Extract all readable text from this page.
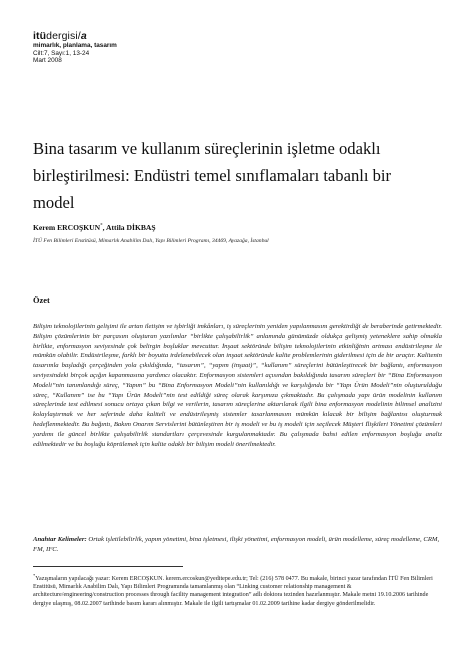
itüdergisi/a
mimarlık, planlama, tasarım
Cilt:7, Sayı:1, 13-24
Mart 2008
Bina tasarım ve kullanım süreçlerinin işletme odaklı
birleştirilmesi: Endüstri temel sınıflamaları tabanlı bir
model
Kerem ERCOŞKUN*, Attila DİKBAŞ
İTÜ Fen Bilimleri Enstitüsü, Mimarlık Anabilim Dalı, Yapı Bilimleri Programı, 34469, Ayazağa, İstanbul
Özet
Bilişim teknolojilerinin gelişimi ile artan iletişim ve işbirliği imkânları, iş süreçlerinin yeniden yapılanmasını gerektirdiği de beraberinde getirmektedir. Bilişim çözümlerinin bir parçasını oluşturan yazılımlar “birlikte çalışabilirlik” anlamında günümüzde oldukça gelişmiş yeteneklere sahip olmakla birlikte, enformasyon seviyesinde çok belirgin boşluklar mevcuttur. İnşaat sektöründe bilişim teknolojilerinin etkinliğinin artması endüstrileşme ile mümkün olabilir. Endüstrileşme, farklı bir boyutta irdelenebilecek olan inşaat sektöründe kalite problemlerinin giderilmesi için de bir araçtır. Kalitenin tasarımla başladığı çerçeğinden yola çıkıldığında, “tasarım”, “yapım (inşaat)”, “kullanım” süreçlerini bütünleştirecek bir bağlantı, enformasyon seviyesindeki birçok açığın kapanmasına yardımcı olacaktır. Enformasyon sistemleri açısından bakıldığında tasarım süreçleri bir “Bina Enformasyon Modeli”nin tanımlandığı süreç, “Yapım” bu “Bina Enformasyon Modeli”nin kullanıldığı ve karşılığında bir “Yapı Ürün Modeli”nin oluşturulduğu süreç, “Kullanım” ise bu “Yapı Ürün Modeli”nin test edildiği süreç olarak karşımıza çıkmaktadır. Bu çalışmada yapı ürün modelinin kullanım süreçlerinde test edilmesi sonucu ortaya çıkan bilgi ve verilerin, tasarım süreçlerine aktarılarak ilgili bina enformasyon modelinin bilimsel analizini kolaylaştırmak ve her seferinde daha kaliteli ve endüstrileşmiş sistemler tasarlanmasını mümkün kılacak bir bilişim bağlantısı oluşturmak hedeflenmektedir. Bu bağıntı, Bakım Onarım Servislerini bütünleştiren bir iş modeli ve bu iş modeli için seçilecek Müşteri İlişkileri Yönetimi çözümleri yardımı ile güncel birlikte çalışabilirlik standartları çerçevesinde kurgulanmaktadır. Bu çalışmada bahsi edilen enformasyon boşluğu analiz edilmektedir ve bu boşluğu köprülemek için kalite odaklı bir bilişim modeli önerilmektedir.
Anahtar Kelimeler: Ortak işletilebilirlik, yapım yönetimi, bina işletmesi, ilişki yönetimi, enformasyon modeli, ürün modelleme, süreç modelleme, CRM, FM, IFC.
*Yazışmaların yapılacağı yazar: Kerem ERCOŞKUN. kerem.ercoskun@yeditepe.edu.tr; Tel: (216) 578 0477. Bu makale, birinci yazar tarafından İTÜ Fen Bilimleri Enstitüsü, Mimarlık Anabilim Dalı, Yapı Bilimleri Programında tamamlanmış olan “Linking customer relationship management & architecture/engineering/construction processes through facility management integration” adlı doktora tezinden hazırlanmıştır. Makale metni 19.10.2006 tarihinde dergiye ulaşmış, 08.02.2007 tarihinde basım kararı alınmıştır. Makale ile ilgili tartışmalar 01.02.2009 tarihine kadar dergiye gönderilmelidir.
